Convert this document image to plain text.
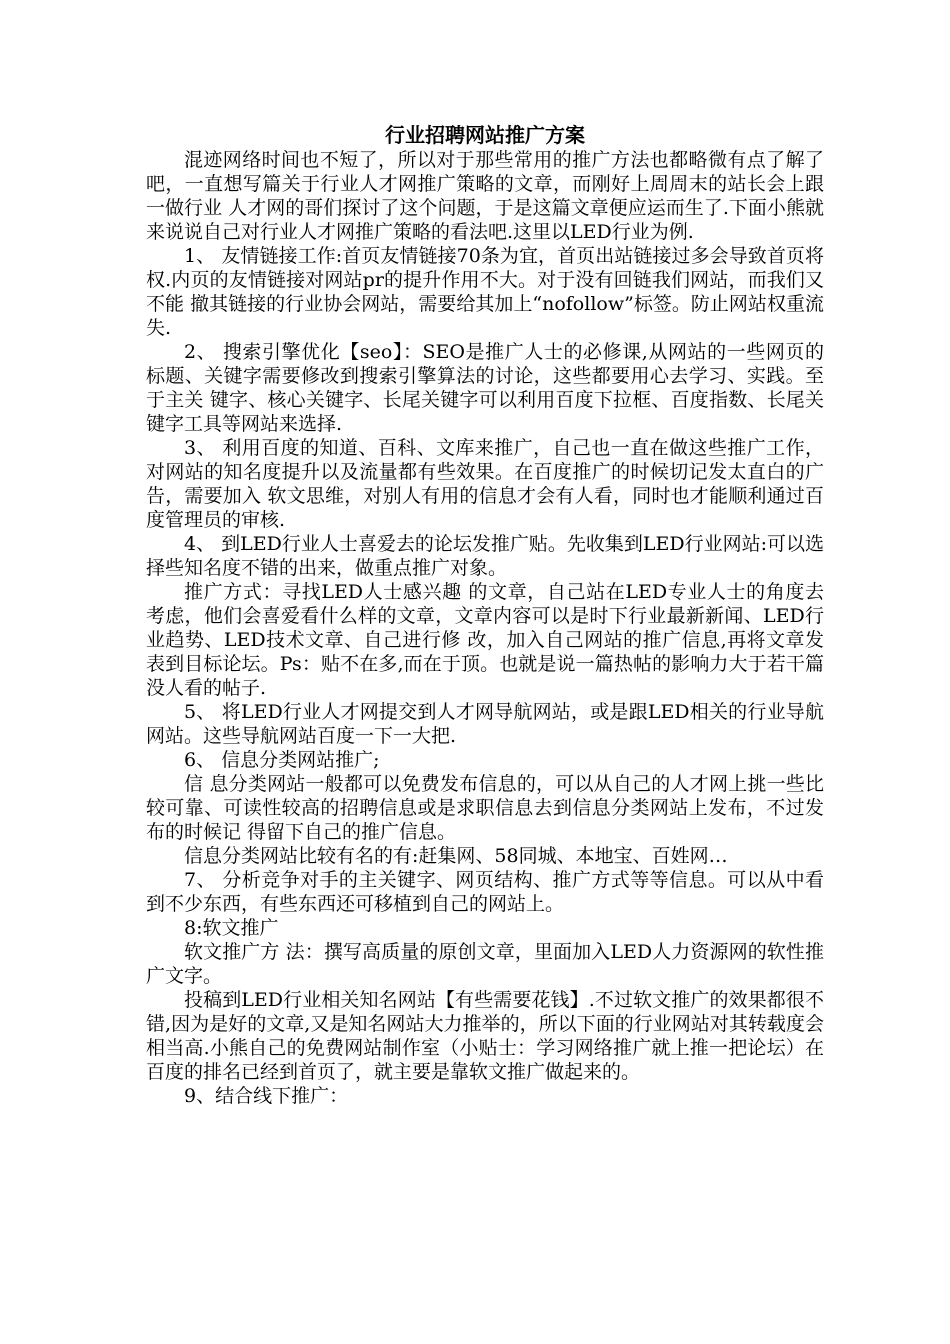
行业招聘网站推广方案

混迹网络时间也不短了，所以对于那些常用的推广方法也都略微有点了解了吧，一直想写篇关于行业人才网推广策略的文章，而刚好上周周末的站长会上跟一做行业 人才网的哥们探讨了这个问题，于是这篇文章便应运而生了.下面小熊就来说说自己对行业人才网推广策略的看法吧.这里以LED行业为例.

1、 友情链接工作:首页友情链接70条为宜，首页出站链接过多会导致首页将权.内页的友情链接对网站pr的提升作用不大。对于没有回链我们网站，而我们又不能 撤其链接的行业协会网站，需要给其加上“nofollow”标签。防止网站权重流失.

2、 搜索引擎优化【seo】：SEO是推广人士的必修课,从网站的一些网页的标题、关键字需要修改到搜索引擎算法的讨论，这些都要用心去学习、实践。至于主关 键字、核心关键字、长尾关键字可以利用百度下拉框、百度指数、长尾关键字工具等网站来选择.

3、 利用百度的知道、百科、文库来推广，自己也一直在做这些推广工作，对网站的知名度提升以及流量都有些效果。在百度推广的时候切记发太直白的广告，需要加入 软文思维，对别人有用的信息才会有人看，同时也才能顺利通过百度管理员的审核.

4、 到LED行业人士喜爱去的论坛发推广贴。先收集到LED行业网站:可以选择些知名度不错的出来，做重点推广对象。

推广方式：寻找LED人士感兴趣 的文章，自己站在LED专业人士的角度去考虑，他们会喜爱看什么样的文章，文章内容可以是时下行业最新新闻、LED行业趋势、LED技术文章、自己进行修 改，加入自己网站的推广信息,再将文章发表到目标论坛。Ps：贴不在多,而在于顶。也就是说一篇热帖的影响力大于若干篇没人看的帖子.

5、 将LED行业人才网提交到人才网导航网站，或是跟LED相关的行业导航网站。这些导航网站百度一下一大把.

6、 信息分类网站推广;

信 息分类网站一般都可以免费发布信息的，可以从自己的人才网上挑一些比较可靠、可读性较高的招聘信息或是求职信息去到信息分类网站上发布，不过发布的时候记 得留下自己的推广信息。

信息分类网站比较有名的有:赶集网、58同城、本地宝、百姓网…

7、 分析竞争对手的主关键字、网页结构、推广方式等等信息。可以从中看到不少东西，有些东西还可移植到自己的网站上。

8:软文推广

软文推广方 法：撰写高质量的原创文章，里面加入LED人力资源网的软性推广文字。

投稿到LED行业相关知名网站【有些需要花钱】.不过软文推广的效果都很不 错,因为是好的文章,又是知名网站大力推举的，所以下面的行业网站对其转载度会相当高.小熊自己的免费网站制作室（小贴士：学习网络推广就上推一把论坛）在百度的排名已经到首页了，就主要是靠软文推广做起来的。

9、结合线下推广：
